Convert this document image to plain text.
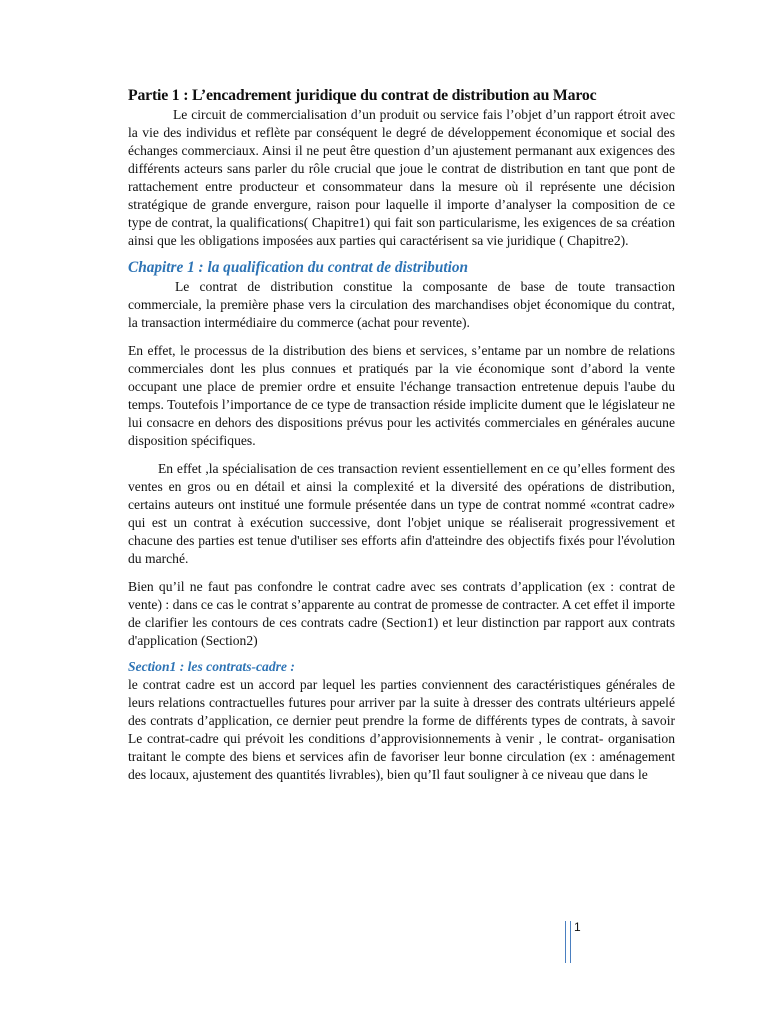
Partie 1 : L’encadrement juridique du contrat de distribution au Maroc

Le circuit de commercialisation d’un produit ou service fais l’objet d’un rapport étroit avec la vie des individus et reflète par conséquent le degré de développement économique et social des échanges commerciaux. Ainsi il ne peut être question d’un ajustement permanant aux exigences des différents acteurs sans parler du rôle crucial que joue le contrat de distribution en tant que pont de rattachement entre producteur et consommateur dans la mesure où il représente une décision stratégique de grande envergure, raison pour laquelle il importe d’analyser la composition de ce type de contrat, la qualifications( Chapitre1) qui fait son particularisme, les exigences de sa création ainsi que les obligations imposées aux parties qui caractérisent sa vie juridique ( Chapitre2).

Chapitre 1 : la qualification du contrat de distribution

Le contrat de distribution constitue la composante de base de toute transaction commerciale, la première phase vers la circulation des marchandises objet économique du contrat, la transaction intermédiaire du commerce (achat pour revente).

En effet, le processus de la distribution des biens et services, s’entame par un nombre de relations commerciales dont les plus connues et pratiqués par la vie économique sont d’abord la vente occupant une place de premier ordre et ensuite l'échange transaction entretenue depuis l'aube du temps. Toutefois l’importance de ce type de transaction réside implicite dument que le législateur ne lui consacre en dehors des dispositions prévus pour les activités commerciales en générales aucune disposition spécifiques.

En effet ,la spécialisation de ces transaction revient essentiellement en ce qu’elles forment des ventes en gros ou en détail et ainsi la complexité et la diversité des opérations de distribution, certains auteurs ont institué une formule présentée dans un type de contrat nommé «contrat cadre» qui est un contrat à exécution successive, dont l'objet unique se réaliserait progressivement et chacune des parties est tenue d'utiliser ses efforts afin d'atteindre des objectifs fixés pour l'évolution du marché.

Bien qu’il ne faut pas confondre le contrat cadre avec ses contrats d’application (ex : contrat de vente) : dans ce cas le contrat s’apparente au contrat de promesse de contracter. A cet effet il importe de clarifier les contours de ces contrats cadre (Section1) et leur distinction par rapport aux contrats d'application (Section2)

Section1 : les contrats-cadre :

le contrat cadre est un accord par lequel les parties conviennent des caractéristiques générales de leurs relations contractuelles futures pour arriver par la suite à dresser des contrats ultérieurs appelé des contrats d’application, ce dernier peut prendre la forme de différents types de contrats, à savoir Le contrat-cadre qui prévoit les conditions d’approvisionnements à venir , le contrat- organisation traitant le compte des biens et services afin de favoriser leur bonne circulation (ex : aménagement des locaux, ajustement des quantités livrables), bien qu’Il faut souligner à ce niveau que dans le

1
